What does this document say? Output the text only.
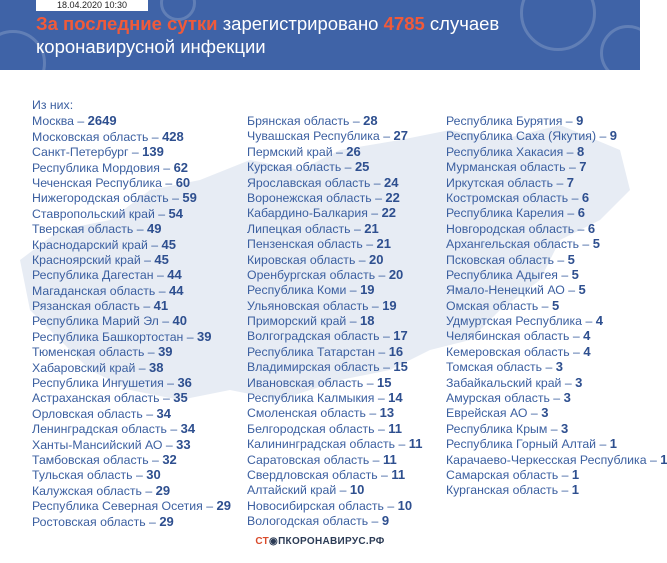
18.04.2020 10:30
За последние сутки зарегистрировано 4785 случаев коронавирусной инфекции
Из них:
Москва – 2649
Московская область – 428
Санкт-Петербург – 139
Республика Мордовия – 62
Чеченская Республика – 60
Нижегородская область – 59
Ставропольский край – 54
Тверская область – 49
Краснодарский край – 45
Красноярский край – 45
Республика Дагестан – 44
Магаданская область – 44
Рязанская область – 41
Республика Марий Эл – 40
Республика Башкортостан – 39
Тюменская область – 39
Хабаровский край – 38
Республика Ингушетия – 36
Астраханская область – 35
Орловская область – 34
Ленинградская область – 34
Ханты-Мансийский АО – 33
Тамбовская область – 32
Тульская область – 30
Калужская область – 29
Республика Северная Осетия – 29
Ростовская область – 29
Брянская область – 28
Чувашская Республика – 27
Пермский край – 26
Курская область – 25
Ярославская область – 24
Воронежская область – 22
Кабардино-Балкария – 22
Липецкая область – 21
Пензенская область – 21
Кировская область – 20
Оренбургская область – 20
Республика Коми – 19
Ульяновская область – 19
Приморский край – 18
Волгоградская область – 17
Республика Татарстан – 16
Владимирская область – 15
Ивановская область – 15
Республика Калмыкия – 14
Смоленская область – 13
Белгородская область – 11
Калининградская область – 11
Саратовская область – 11
Свердловская область – 11
Алтайский край – 10
Новосибирская область – 10
Вологодская область – 9
Республика Бурятия – 9
Республика Саха (Якутия) – 9
Республика Хакасия – 8
Мурманская область – 7
Иркутская область – 7
Костромская область – 6
Республика Карелия – 6
Новгородская область – 6
Архангельская область – 5
Псковская область – 5
Республика Адыгея – 5
Ямало-Ненецкий АО – 5
Омская область – 5
Удмуртская Республика – 4
Челябинская область – 4
Кемеровская область – 4
Томская область – 3
Забайкальский край – 3
Амурская область – 3
Еврейская АО – 3
Республика Крым – 3
Республика Горный Алтай – 1
Карачаево-Черкесская Республика – 1
Самарская область – 1
Курганская область – 1
СТ◉ПКОРОНАВИРУС.РФ
